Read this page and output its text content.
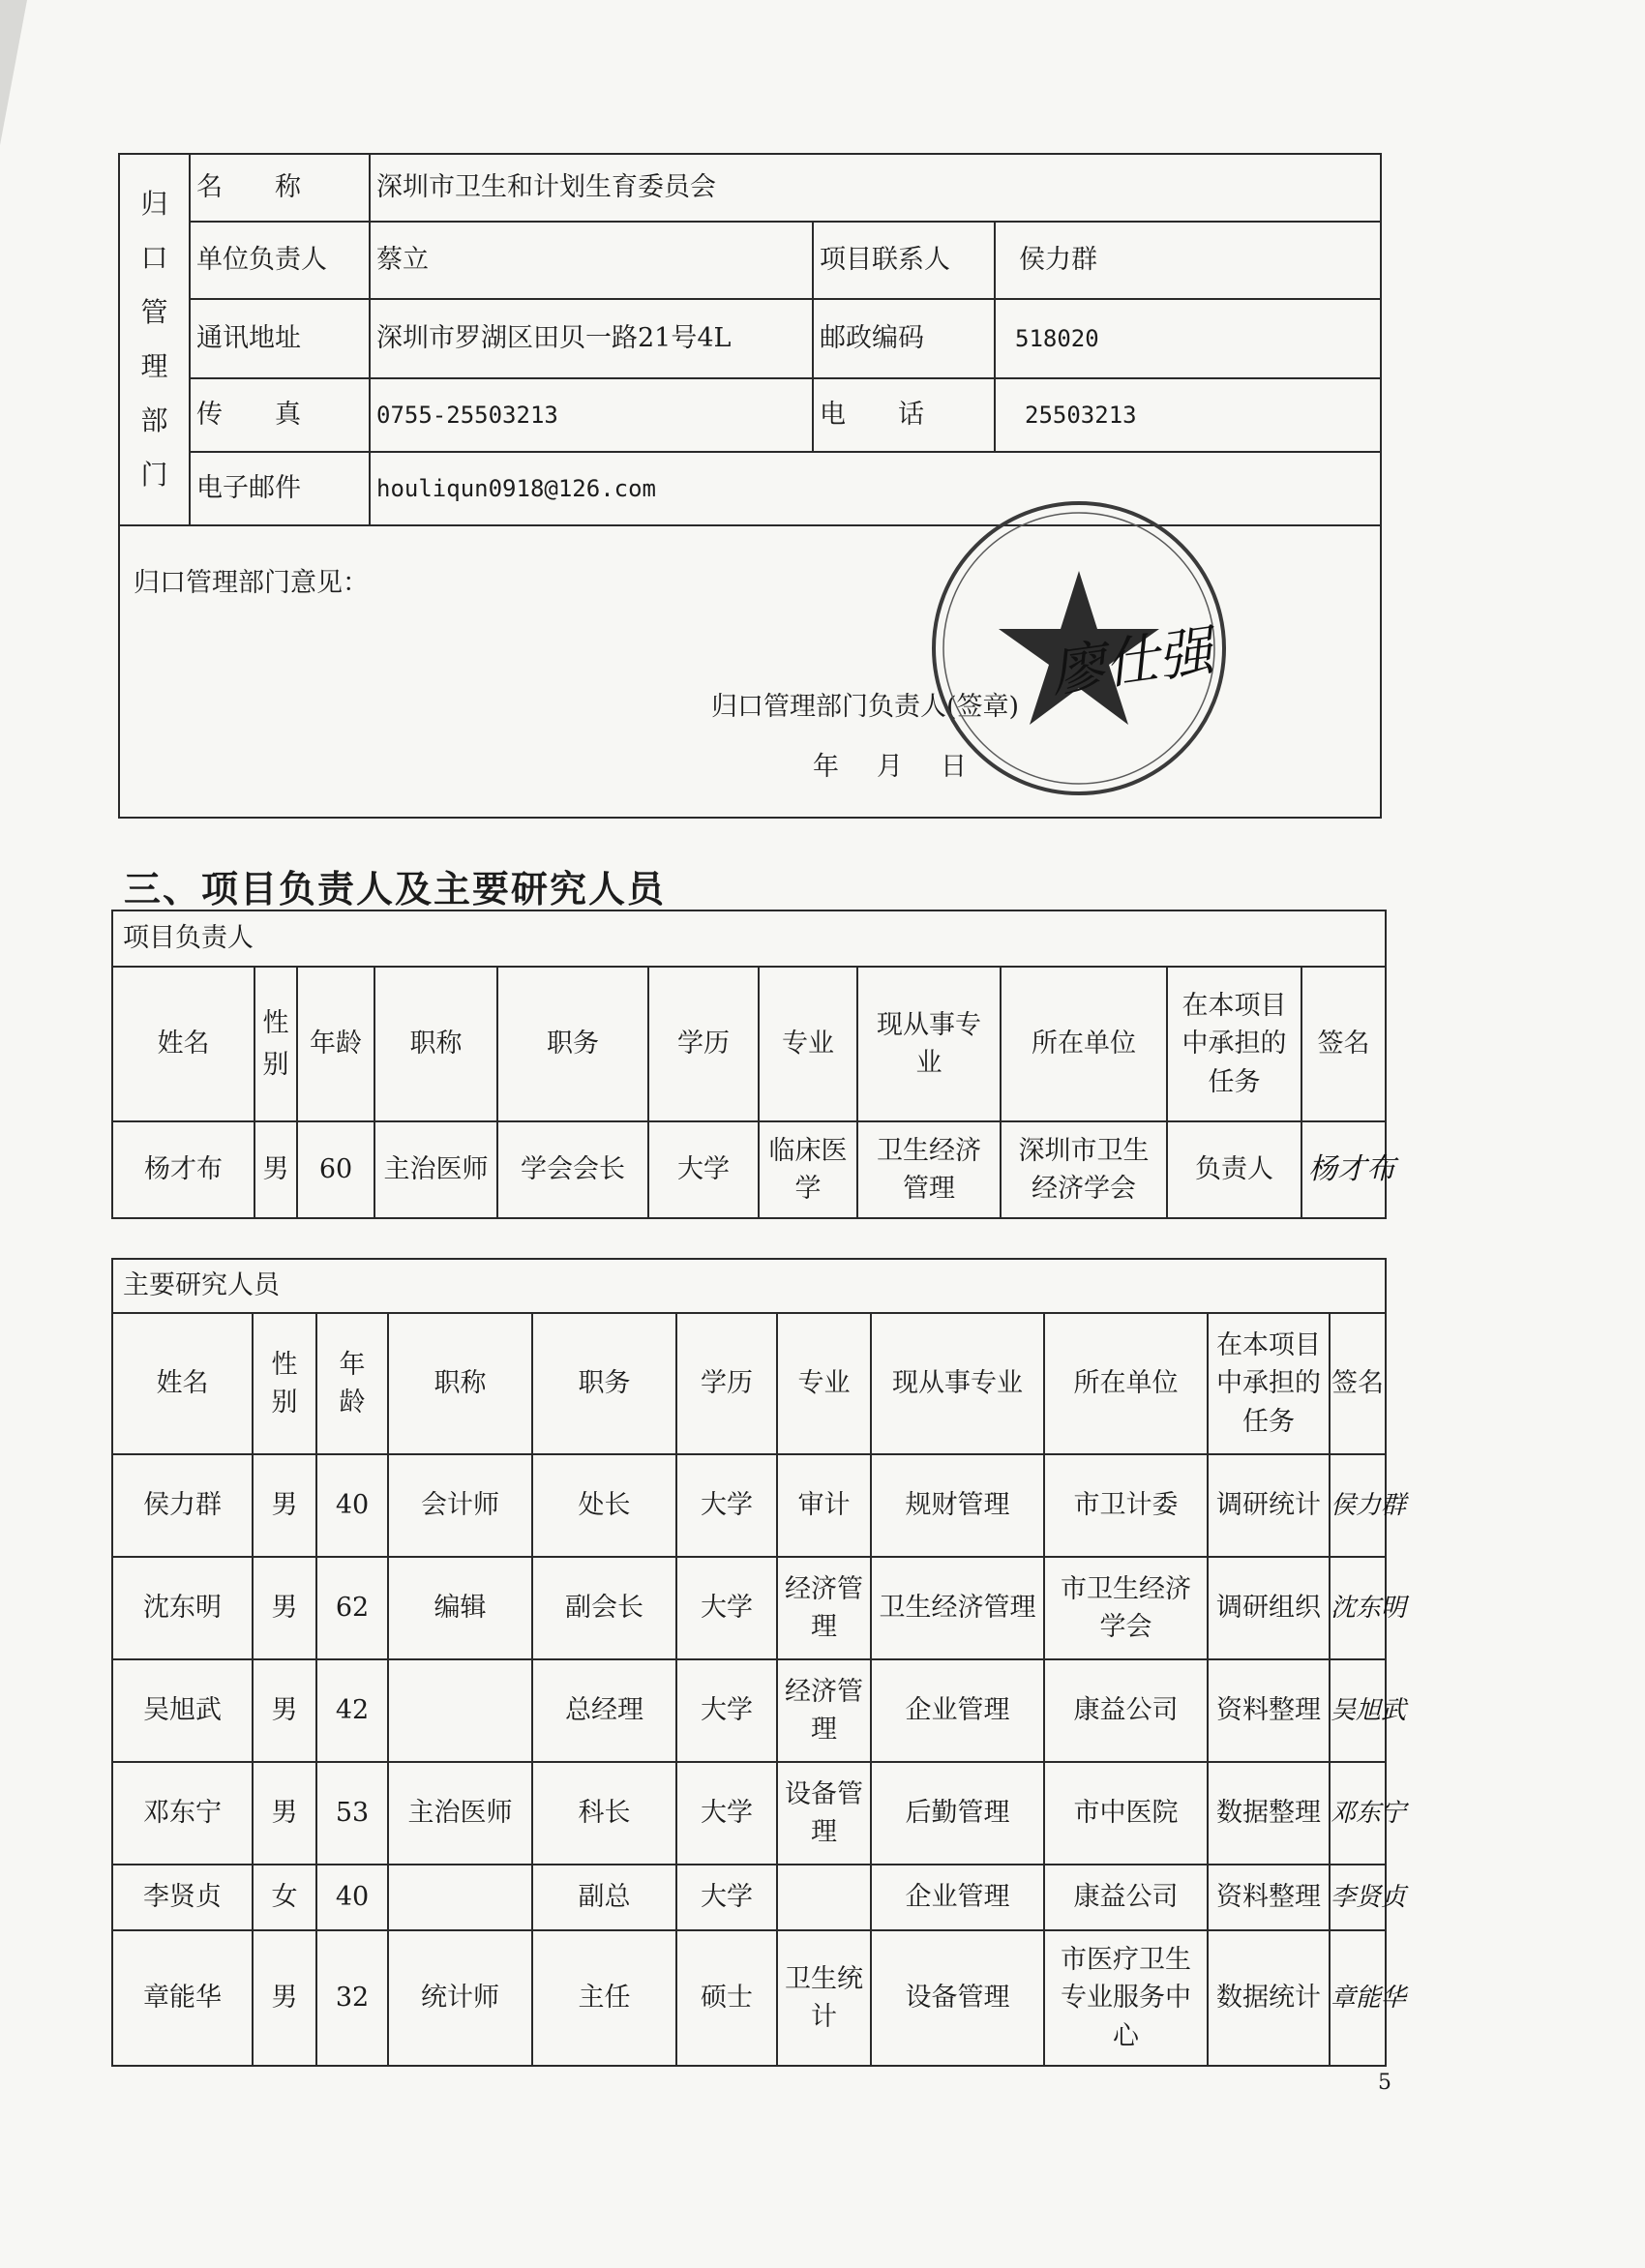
归口管理部门	名　　称	深圳市卫生和计划生育委员会		
	单位负责人	蔡立	项目联系人	侯力群
	通讯地址	深圳市罗湖区田贝一路21号4L	邮政编码	518020
	传　　真	0755-25503213	电　　话	25503213
	电子邮件	houliqun0918@126.com		

归口管理部门意见：
归口管理部门负责人(签章)
年　月　日
廖仕强
三、项目负责人及主要研究人员
项目负责人										
姓名	性别	年龄	职称	职务	学历	专业	现从事专业	所在单位	在本项目中承担的任务	签名
杨才布	男	60	主治医师	学会会长	大学	临床医学	卫生经济管理	深圳市卫生经济学会	负责人	杨才布
主要研究人员										
姓名	性别	年龄	职称	职务	学历	专业	现从事专业	所在单位	在本项目中承担的任务	签名
侯力群	男	40	会计师	处长	大学	审计	规财管理	市卫计委	调研统计	侯力群
沈东明	男	62	编辑	副会长	大学	经济管理	卫生经济管理	市卫生经济学会	调研组织	沈东明
吴旭武	男	42		总经理	大学	经济管理	企业管理	康益公司	资料整理	吴旭武
邓东宁	男	53	主治医师	科长	大学	设备管理	后勤管理	市中医院	数据整理	邓东宁
李贤贞	女	40		副总	大学		企业管理	康益公司	资料整理	李贤贞
章能华	男	32	统计师	主任	硕士	卫生统计	设备管理	市医疗卫生专业服务中心	数据统计	章能华
5
